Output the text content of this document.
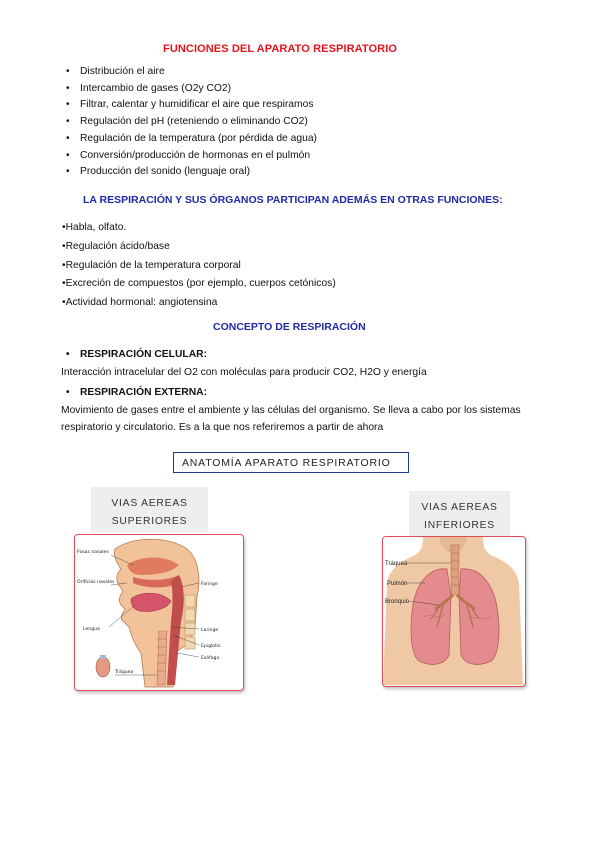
FUNCIONES DEL APARATO RESPIRATORIO
• Distribución el aire
• Intercambio de gases (O2y CO2)
• Filtrar, calentar y humidificar el aire que respiramos
• Regulación del pH (reteniendo o eliminando CO2)
• Regulación de la temperatura (por pérdida de agua)
• Conversión/producción de hormonas en el pulmón
• Producción del sonido (lenguaje oral)
LA RESPIRACIÓN Y SUS ÓRGANOS PARTICIPAN ADEMÁS EN OTRAS FUNCIONES:
•Habla, olfato.
•Regulación ácido/base
•Regulación de la temperatura corporal
•Excreción de compuestos (por ejemplo, cuerpos cetónicos)
•Actividad hormonal: angiotensina
CONCEPTO DE RESPIRACIÓN
• RESPIRACIÓN CELULAR:
Interacción intracelular del O2 con moléculas para producir CO2, H2O y energía
• RESPIRACIÓN EXTERNA:
Movimiento de gases entre el ambiente y las células del organismo. Se lleva a cabo por los sistemas
respiratorio y circulatorio. Es a la que nos referiremos a partir de ahora
ANATOMÍA APARATO RESPIRATORIO
VIAS AEREAS
SUPERIORES
VIAS AEREAS
INFERIORES
Fosas nasales
Orificios nasales
Lengua
Faringe
Laringe
Epiglotis
Esófago
Tráquea
Tráquea
Pulmón
Bronquio
